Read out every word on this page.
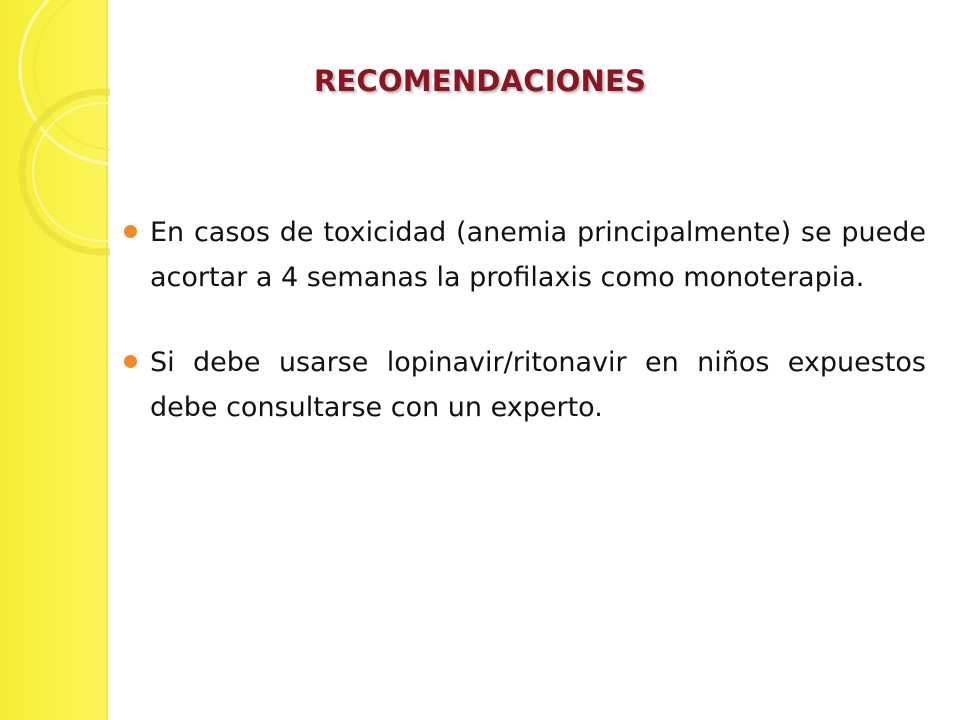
RECOMENDACIONES
En casos de toxicidad (anemia principalmente) se puede acortar a 4 semanas la profilaxis como monoterapia.
Si debe usarse lopinavir/ritonavir en niños expuestos debe consultarse con un experto.
